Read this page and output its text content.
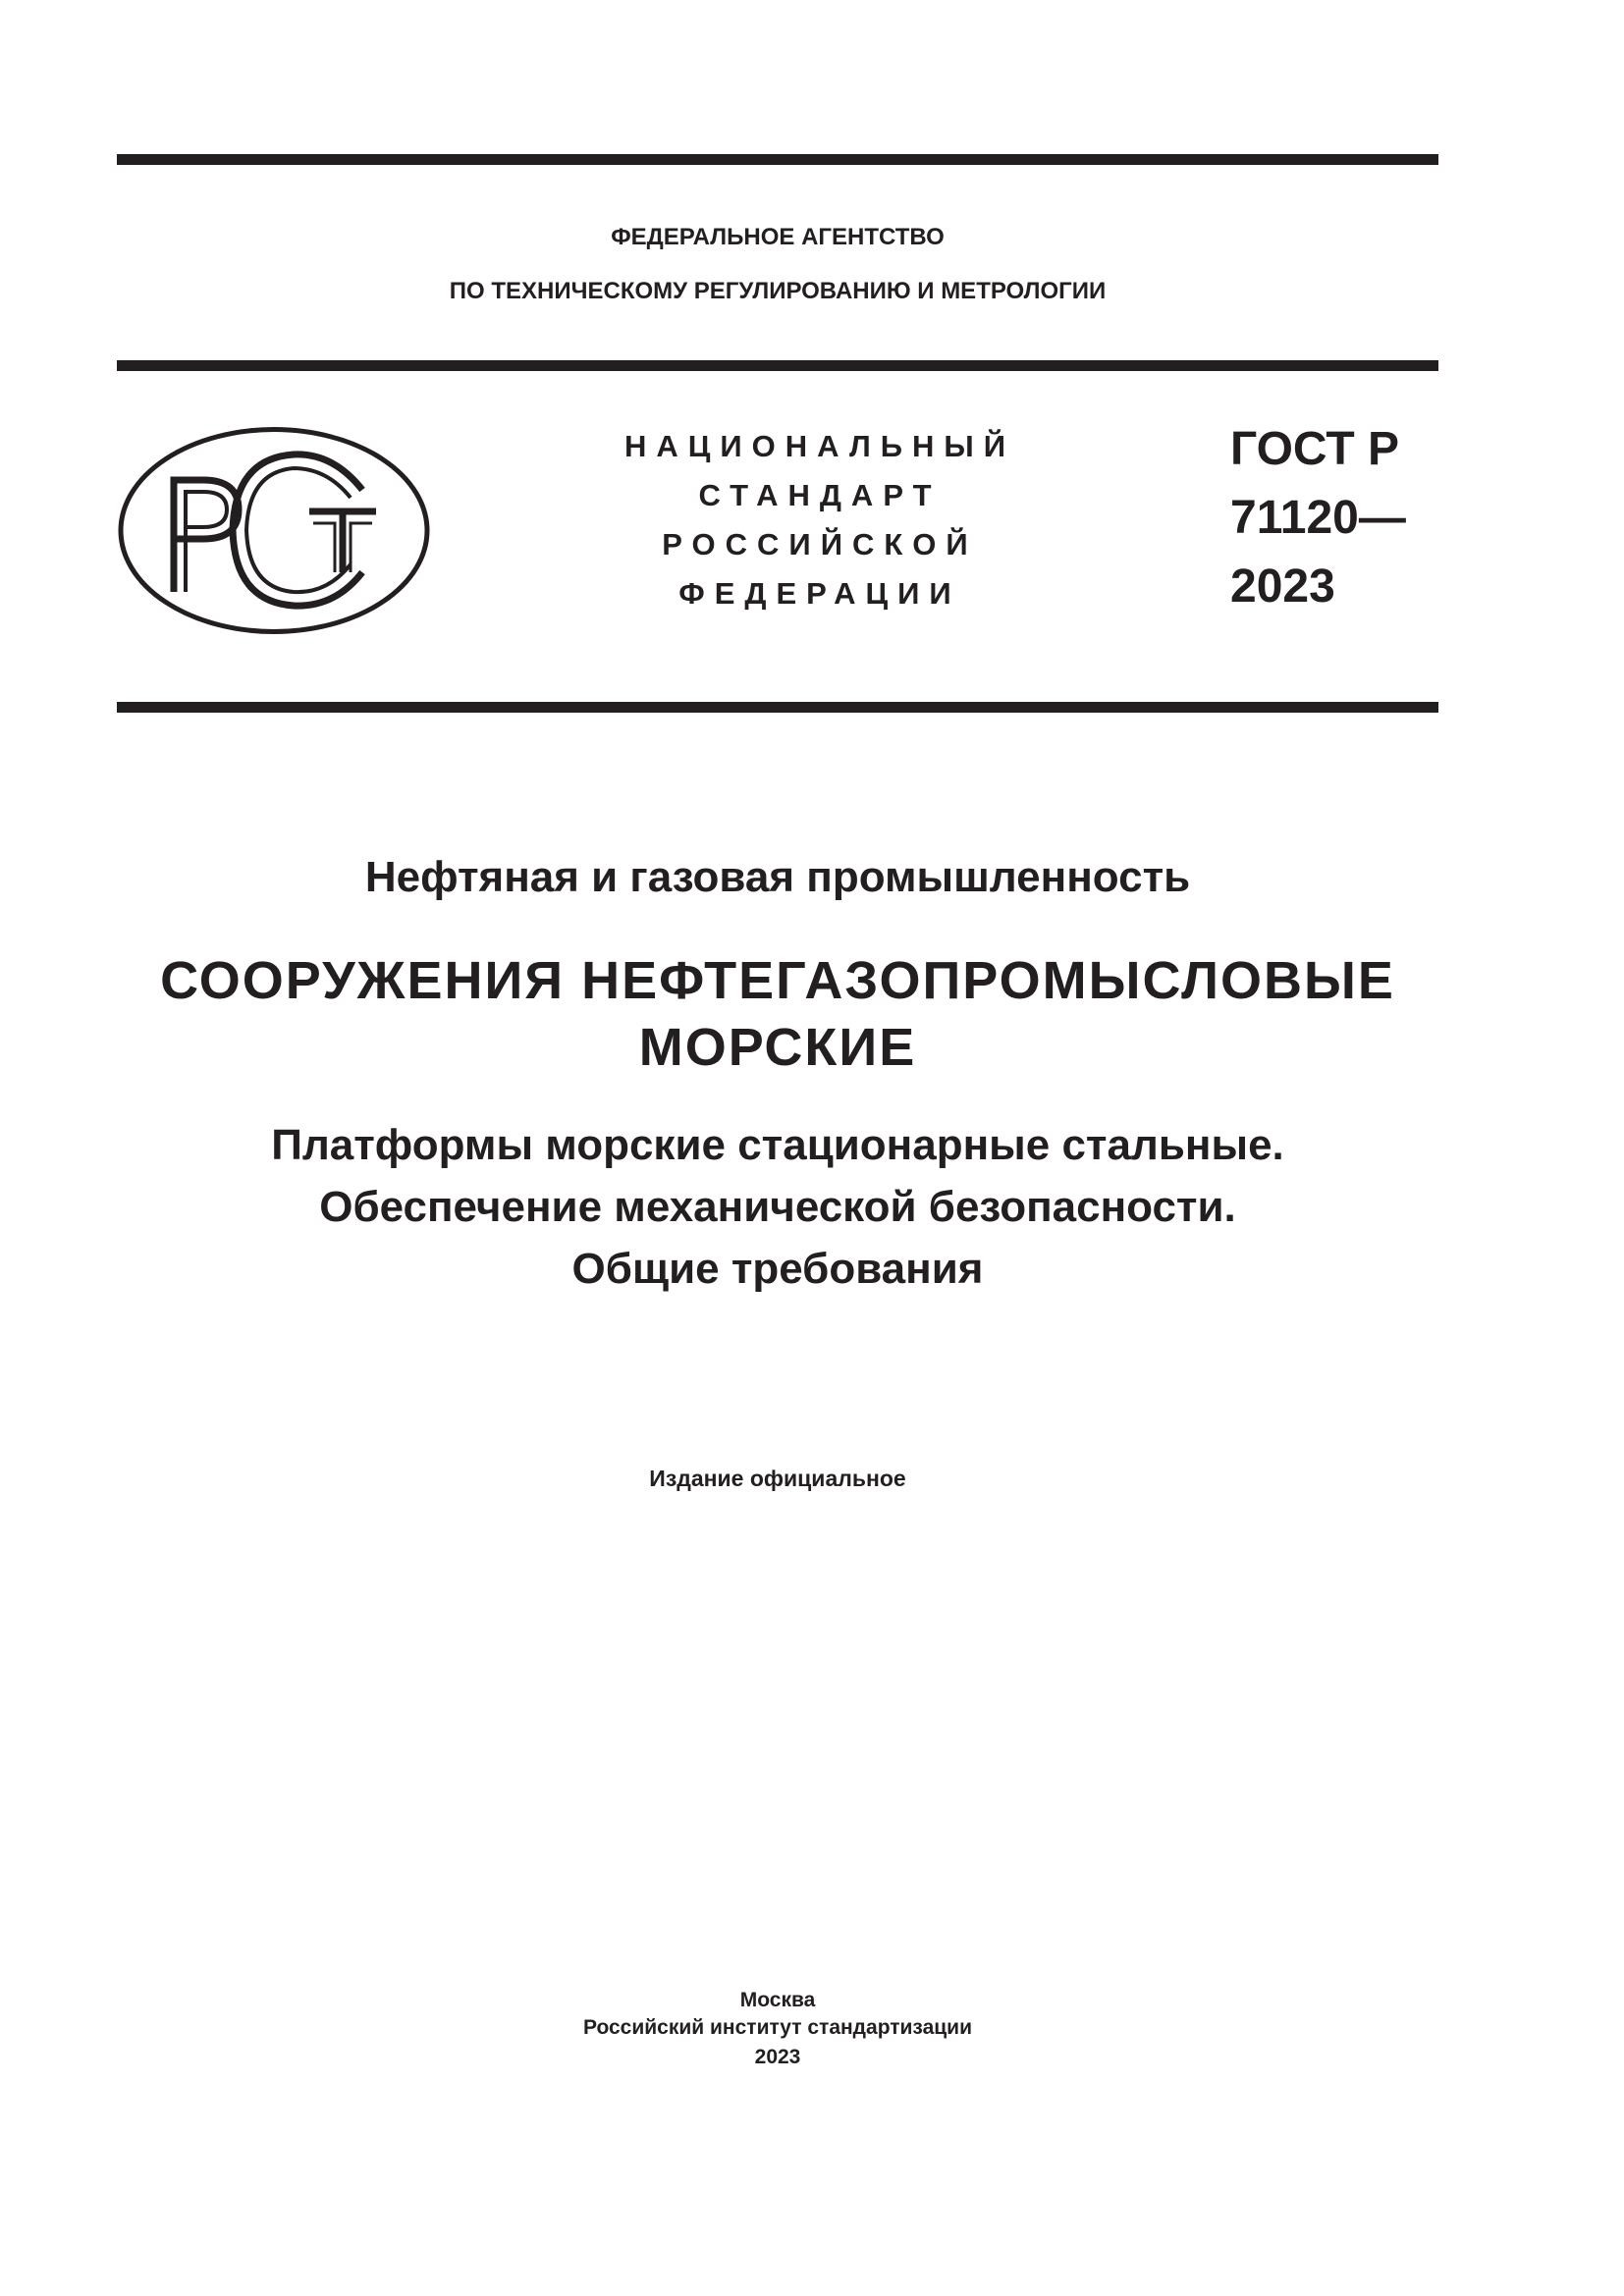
ФЕДЕРАЛЬНОЕ АГЕНТСТВО
ПО ТЕХНИЧЕСКОМУ РЕГУЛИРОВАНИЮ И МЕТРОЛОГИИ
НАЦИОНАЛЬНЫЙ
СТАНДАРТ
РОССИЙСКОЙ
ФЕДЕРАЦИИ
ГОСТ Р
71120—
2023
Нефтяная и газовая промышленность
СООРУЖЕНИЯ НЕФТЕГАЗОПРОМЫСЛОВЫЕ
МОРСКИЕ
Платформы морские стационарные стальные.
Обеспечение механической безопасности.
Общие требования
Издание официальное
Москва
Российский институт стандартизации
2023
